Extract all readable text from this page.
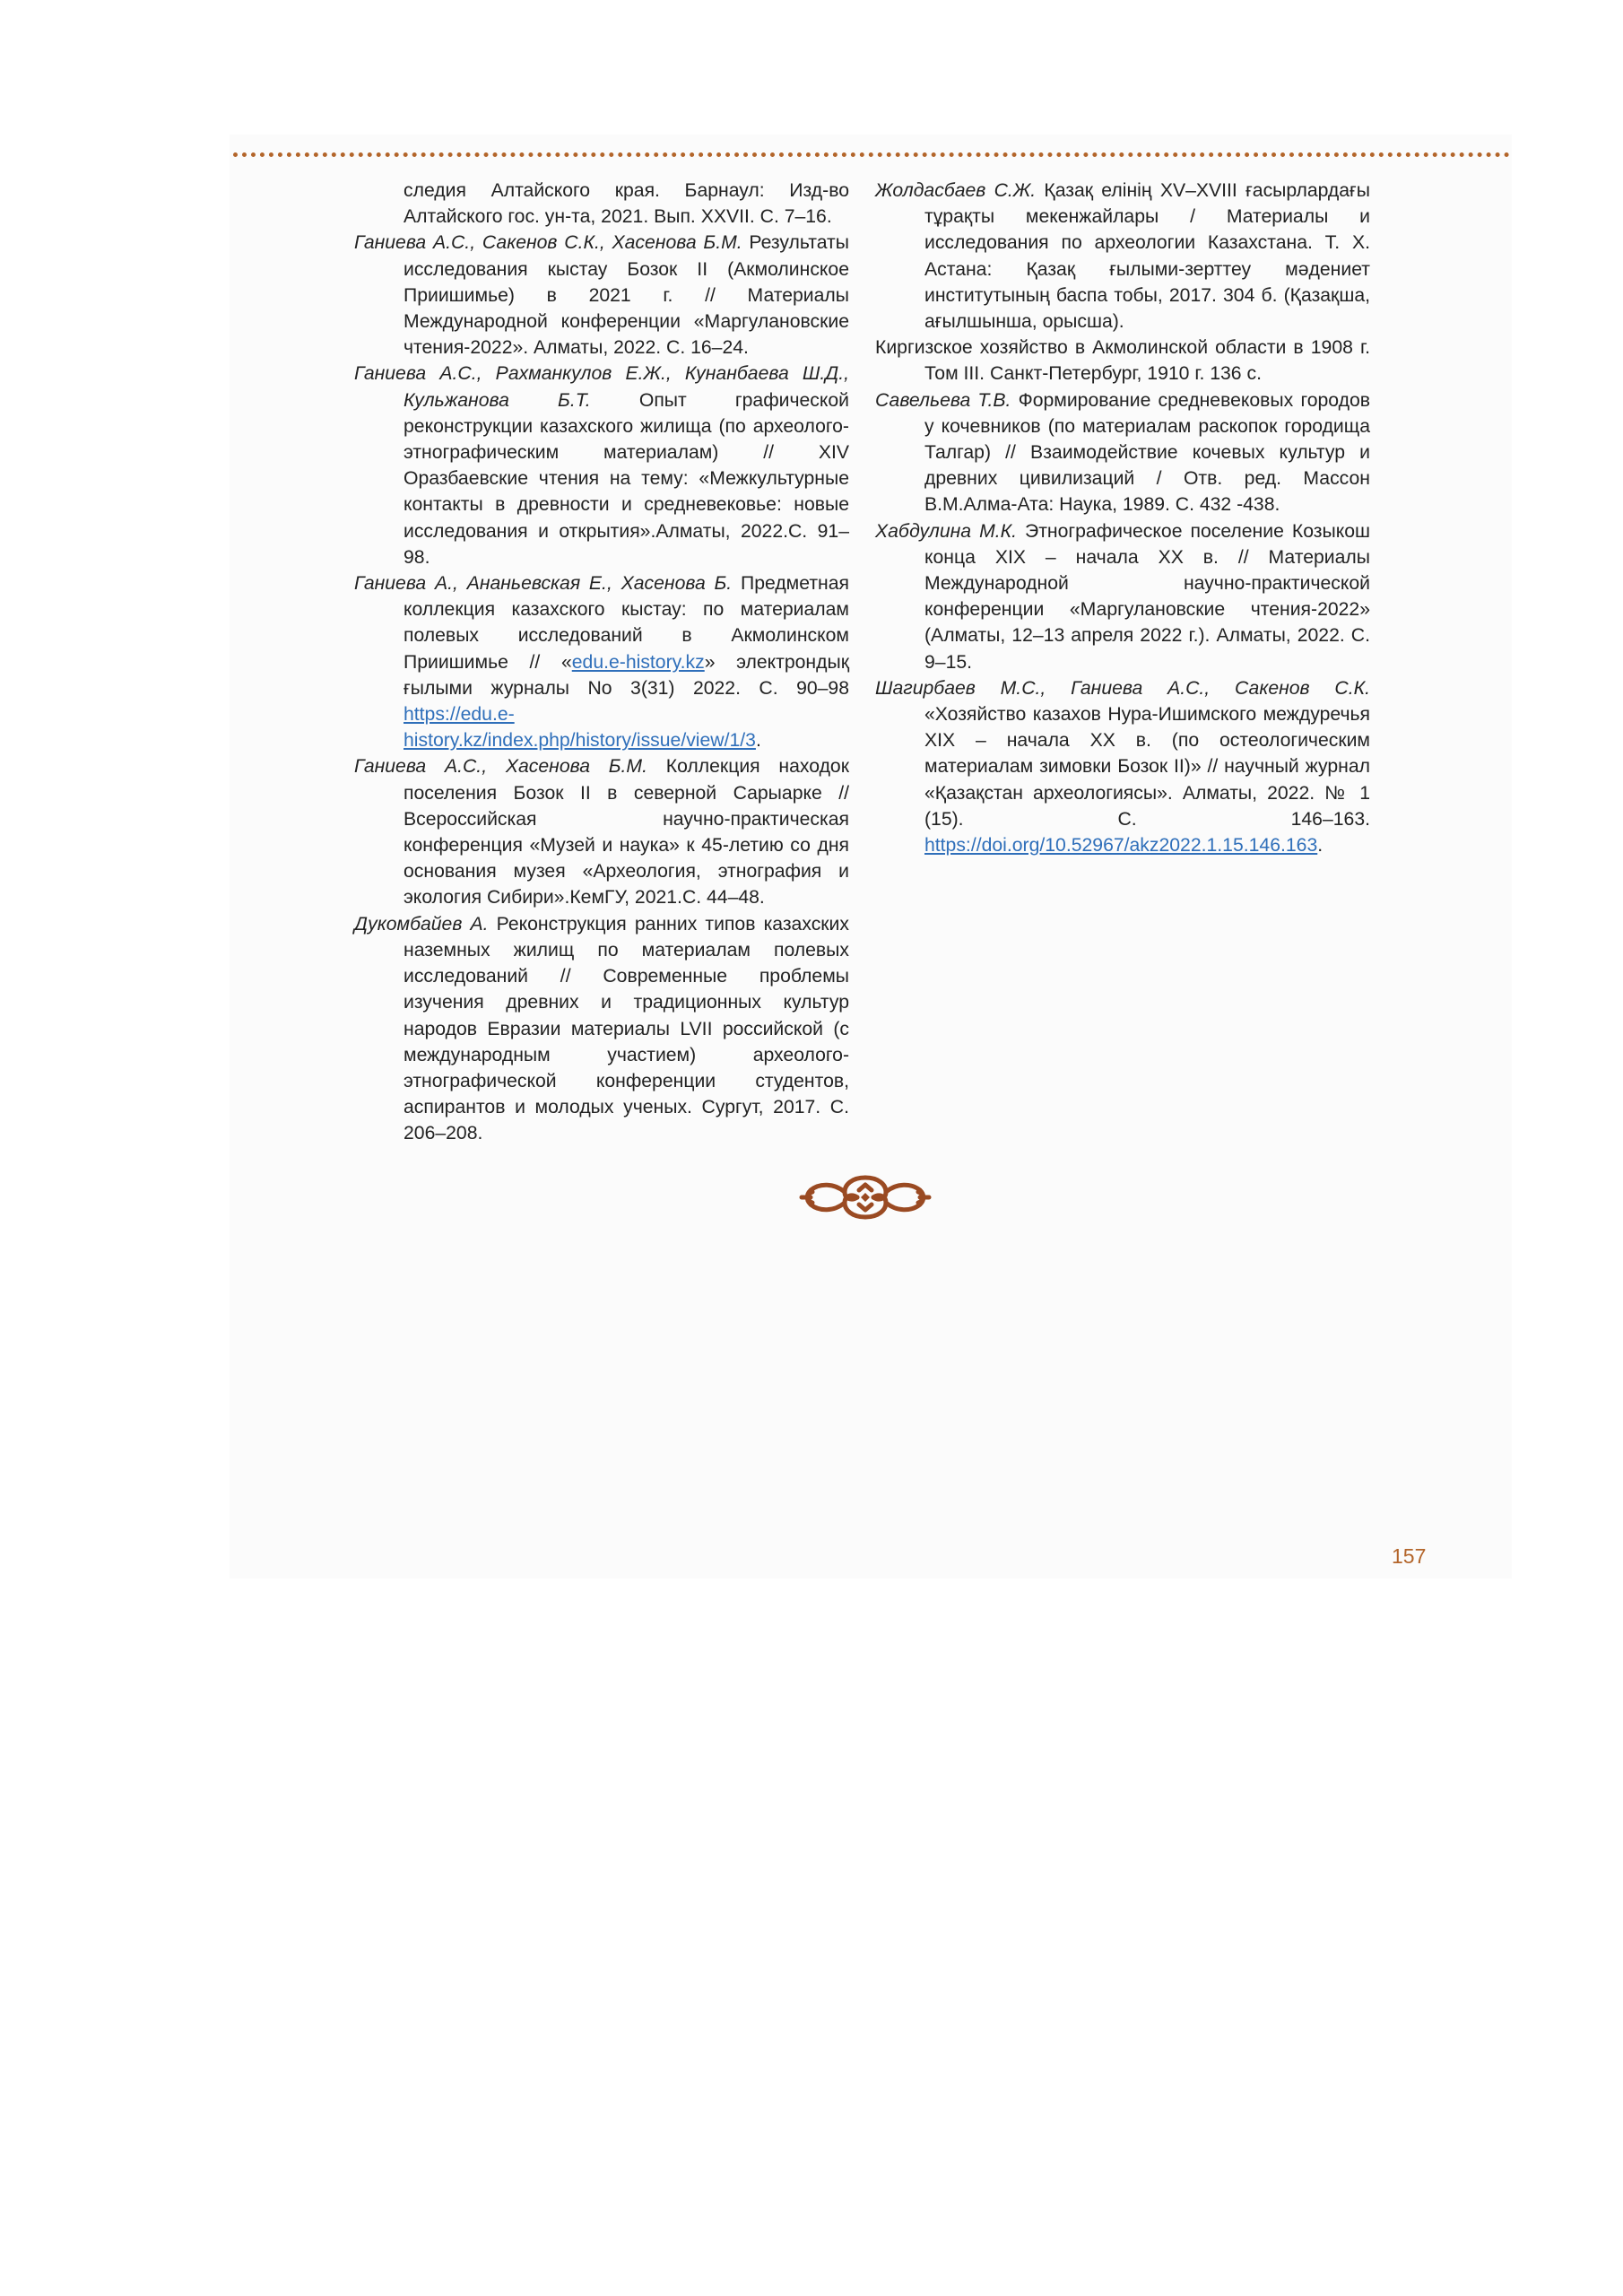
следия Алтайского края. Барнаул: Изд-во Алтайского гос. ун-та, 2021. Вып. XXVII. С. 7–16.

Ганиева А.С., Сакенов С.К., Хасенова Б.М. Результаты исследования кыстау Бозок II (Акмолинское Приишимье) в 2021 г. // Материалы Международной конференции «Маргулановские чтения-2022». Алматы, 2022. С. 16–24.

Ганиева А.С., Рахманкулов Е.Ж., Кунанбаева Ш.Д., Кульжанова Б.Т. Опыт графической реконструкции казахского жилища (по археолого-этнографическим материалам) // XIV Оразбаевские чтения на тему: «Межкультурные контакты в древности и средневековье: новые исследования и открытия».Алматы, 2022.С. 91–98.

Ганиева А., Ананьевская Е., Хасенова Б. Предметная коллекция казахского кыстау: по материалам полевых исследований в Акмолинском Приишимье // «edu.e-history.kz» электрондық ғылыми журналы No 3(31) 2022. С. 90–98 https://edu.e-history.kz/index.php/history/issue/view/1/3.

Ганиева А.С., Хасенова Б.М. Коллекция находок поселения Бозок II в северной Сарыарке // Всероссийская научно-практическая конференция «Музей и наука» к 45-летию со дня основания музея «Археология, этнография и экология Сибири».КемГУ, 2021.С. 44–48.

Дукомбайев А. Реконструкция ранних типов казахских наземных жилищ по материалам полевых исследований // Современные проблемы изучения древних и традиционных культур народов Евразии материалы LVII российской (с международным участием) археолого-этнографической конференции студентов, аспирантов и молодых ученых. Сургут, 2017. С. 206–208.

Жолдасбаев С.Ж. Қазақ елінің XV–XVIII ғасырлардағы тұрақты мекенжайлары / Материалы и исследования по археологии Казахстана. Т. Х. Астана: Қазақ ғылыми-зерттеу мәдениет институтының баспа тобы, 2017. 304 б. (Қазақша, ағылшынша, орысша).

Киргизское хозяйство в Акмолинской области в 1908 г. Том III. Санкт-Петербург, 1910 г. 136 с.

Савельева Т.В. Формирование средневековых городов у кочевников (по материалам раскопок городища Талгар) // Взаимодействие кочевых культур и древних цивилизаций / Отв. ред. Массон В.М.Алма-Ата: Наука, 1989. С. 432 -438.

Хабдулина М.К. Этнографическое поселение Козыкош конца XIX – начала XX в. // Материалы Международной научно-практической конференции «Маргулановские чтения-2022» (Алматы, 12–13 апреля 2022 г.). Алматы, 2022. С. 9–15.

Шагирбаев М.С., Ганиева А.С., Сакенов С.К. «Хозяйство казахов Нура-Ишимского междуречья XIX – начала XX в. (по остеологическим материалам зимовки Бозок II)» // научный журнал «Қазақстан археологиясы». Алматы, 2022. № 1 (15). С. 146–163. https://doi.org/10.52967/akz2022.1.15.146.163.

157
